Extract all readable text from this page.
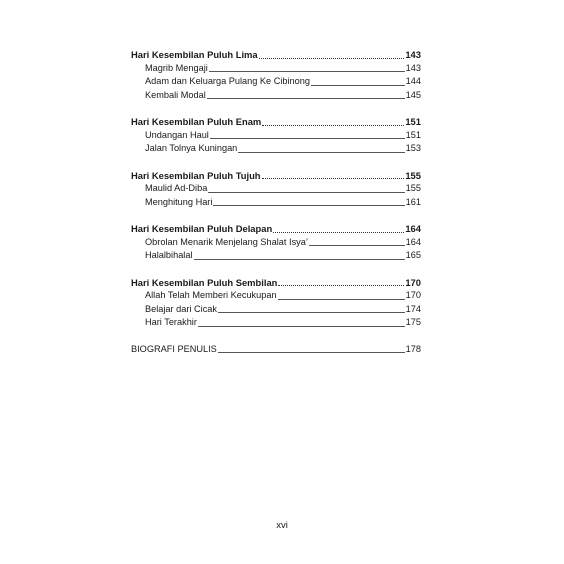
Hari Kesembilan Puluh Lima	143
Magrib Mengaji	143
Adam dan Keluarga Pulang Ke Cibinong	144
Kembali Modal	145
Hari Kesembilan Puluh Enam	151
Undangan Haul	151
Jalan Tolnya Kuningan	153
Hari Kesembilan Puluh Tujuh	155
Maulid Ad-Diba	155
Menghitung Hari	161
Hari Kesembilan Puluh Delapan	164
Obrolan Menarik Menjelang Shalat Isya’	164
Halalbihalal	165
Hari Kesembilan Puluh Sembilan	170
Allah Telah Memberi Kecukupan	170
Belajar dari Cicak	174
Hari Terakhir	175
BIOGRAFI PENULIS	178
xvi
